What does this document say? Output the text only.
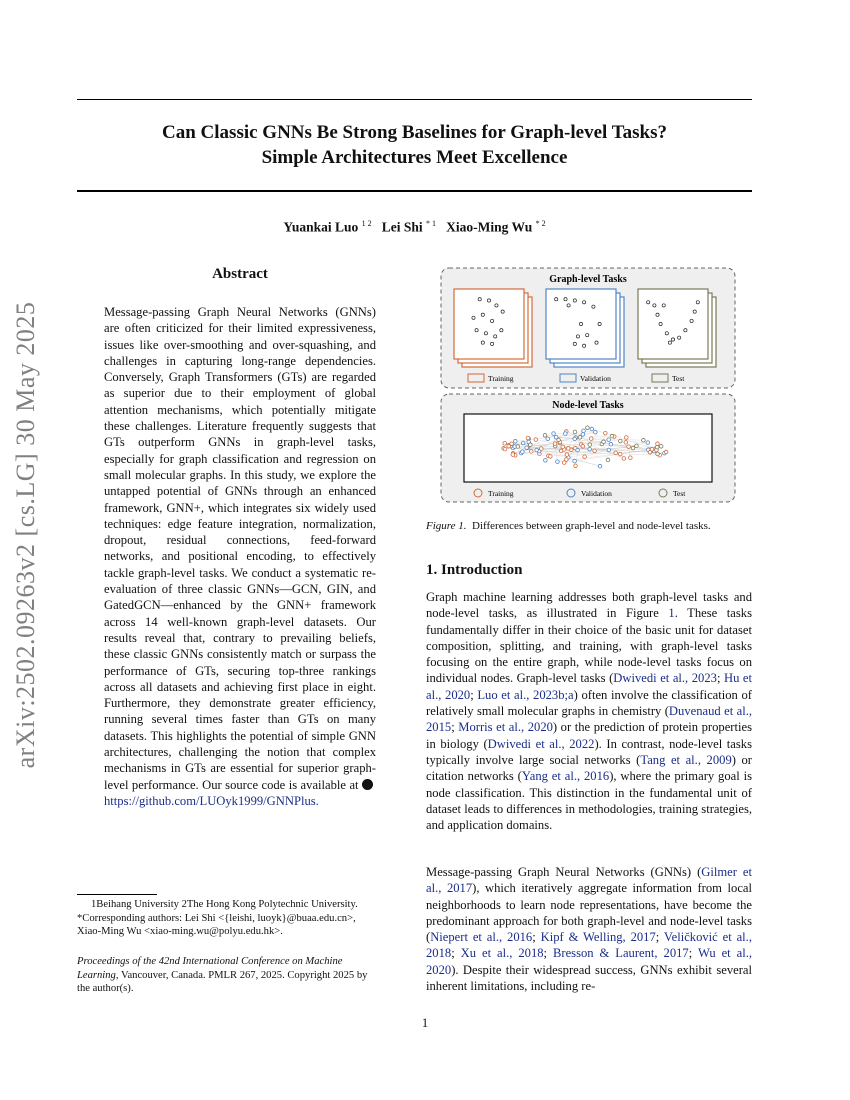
Can Classic GNNs Be Strong Baselines for Graph-level Tasks?
Simple Architectures Meet Excellence
Yuankai Luo $^{1 2}$ Lei Shi $^{* 1}$ Xiao-Ming Wu $^{* 2}$
arXiv:2502.09263v2 [cs.LG] 30 May 2025
Abstract

Message-passing Graph Neural Networks (GNNs) are often criticized for their limited expressiveness, issues like over-smoothing and over-squashing, and challenges in capturing long-range dependencies. Conversely, Graph Transformers (GTs) are regarded as superior due to their employment of global attention mechanisms, which potentially mitigate these challenges. Literature frequently suggests that GTs outperform GNNs in graph-level tasks, especially for graph classification and regression on small molecular graphs. In this study, we explore the untapped potential of GNNs through an enhanced framework, GNN+, which integrates six widely used techniques: edge feature integration, normalization, dropout, residual connections, feed-forward networks, and positional encoding, to effectively tackle graph-level tasks. We conduct a systematic re-evaluation of three classic GNNs—GCN, GIN, and GatedGCN—enhanced by the GNN+ framework across 14 well-known graph-level datasets. Our results reveal that, contrary to prevailing beliefs, these classic GNNs consistently match or surpass the performance of GTs, securing top-three rankings across all datasets and achieving first place in eight. Furthermore, they demonstrate greater efficiency, running several times faster than GTs on many datasets. This highlights the potential of simple GNN architectures, challenging the notion that complex mechanisms in GTs are essential for superior graph-level performance. Our source code is available at https://github.com/LUOyk1999/GNNPlus.

1Beihang University 2The Hong Kong Polytechnic University. *Corresponding authors: Lei Shi <{leishi, luoyk}@buaa.edu.cn>, Xiao-Ming Wu <xiao-ming.wu@polyu.edu.hk>.

Proceedings of the 42nd International Conference on Machine Learning, Vancouver, Canada. PMLR 267, 2025. Copyright 2025 by the author(s).

Graph-level Tasks
Training	Validation	Test
Node-level Tasks
Training	Validation	Test

Figure 1. Differences between graph-level and node-level tasks.

1. Introduction

Graph machine learning addresses both graph-level tasks and node-level tasks, as illustrated in Figure 1. These tasks fundamentally differ in their choice of the basic unit for dataset composition, splitting, and training, with graph-level tasks focusing on the entire graph, while node-level tasks focus on individual nodes. Graph-level tasks (Dwivedi et al., 2023; Hu et al., 2020; Luo et al., 2023b;a) often involve the classification of relatively small molecular graphs in chemistry (Duvenaud et al., 2015; Morris et al., 2020) or the prediction of protein properties in biology (Dwivedi et al., 2022). In contrast, node-level tasks typically involve large social networks (Tang et al., 2009) or citation networks (Yang et al., 2016), where the primary goal is node classification. This distinction in the fundamental unit of dataset leads to differences in methodologies, training strategies, and application domains.

Message-passing Graph Neural Networks (GNNs) (Gilmer et al., 2017), which iteratively aggregate information from local neighborhoods to learn node representations, have become the predominant approach for both graph-level and node-level tasks (Niepert et al., 2016; Kipf & Welling, 2017; Veličković et al., 2018; Xu et al., 2018; Bresson & Laurent, 2017; Wu et al., 2020). Despite their widespread success, GNNs exhibit several inherent limitations, including re-

1
